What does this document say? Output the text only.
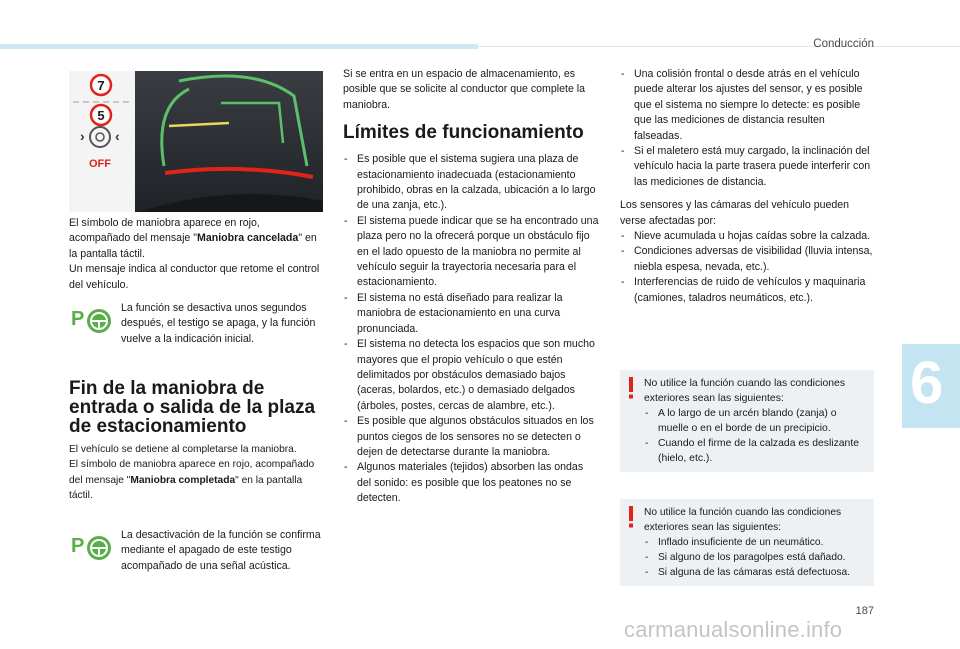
Conducción
7
5
› ‹
OFF

El símbolo de maniobra aparece en rojo, acompañado del mensaje "Maniobra cancelada" en la pantalla táctil.

Un mensaje indica al conductor que retome el control del vehículo.

P	La función se desactiva unos segundos después, el testigo se apaga, y la función vuelve a la indicación inicial.

Fin de la maniobra de entrada o salida de la plaza de estacionamiento

El vehículo se detiene al completarse la maniobra.

El símbolo de maniobra aparece en rojo, acompañado del mensaje "Maniobra completada" en la pantalla táctil.

P	La desactivación de la función se confirma mediante el apagado de este testigo acompañado de una señal acústica.

Si se entra en un espacio de almacenamiento, es posible que se solicite al conductor que complete la maniobra.

Límites de funcionamiento

- Es posible que el sistema sugiera una plaza de estacionamiento inadecuada (estacionamiento prohibido, obras en la calzada, ubicación a lo largo de una zanja, etc.).

- El sistema puede indicar que se ha encontrado una plaza pero no la ofrecerá porque un obstáculo fijo en el lado opuesto de la maniobra no permite al vehículo seguir la trayectoria necesaria para el estacionamiento.

- El sistema no está diseñado para realizar la maniobra de estacionamiento en una curva pronunciada.

- El sistema no detecta los espacios que son mucho mayores que el propio vehículo o que estén delimitados por obstáculos demasiado bajos (aceras, bolardos, etc.) o demasiado delgados (árboles, postes, cercas de alambre, etc.).

- Es posible que algunos obstáculos situados en los puntos ciegos de los sensores no se detecten o dejen de detectarse durante la maniobra.

- Algunos materiales (tejidos) absorben las ondas del sonido: es posible que los peatones no se detecten.

- Una colisión frontal o desde atrás en el vehículo puede alterar los ajustes del sensor, y es posible que el sistema no siempre lo detecte: es posible que las mediciones de distancia resulten falseadas.

- Si el maletero está muy cargado, la inclinación del vehículo hacia la parte trasera puede interferir con las mediciones de distancia.

Los sensores y las cámaras del vehículo pueden verse afectadas por:

- Nieve acumulada u hojas caídas sobre la calzada.

- Condiciones adversas de visibilidad (lluvia intensa, niebla espesa, nevada, etc.).

- Interferencias de ruido de vehículos y maquinaria (camiones, taladros neumáticos, etc.).

No utilice la función cuando las condiciones exteriores sean las siguientes:

- A lo largo de un arcén blando (zanja) o muelle o en el borde de un precipicio.

- Cuando el firme de la calzada es deslizante (hielo, etc.).

No utilice la función cuando las condiciones exteriores sean las siguientes:

- Inflado insuficiente de un neumático.

- Si alguno de los paragolpes está dañado.

- Si alguna de las cámaras está defectuosa.

6
187
carmanualsonline.info
